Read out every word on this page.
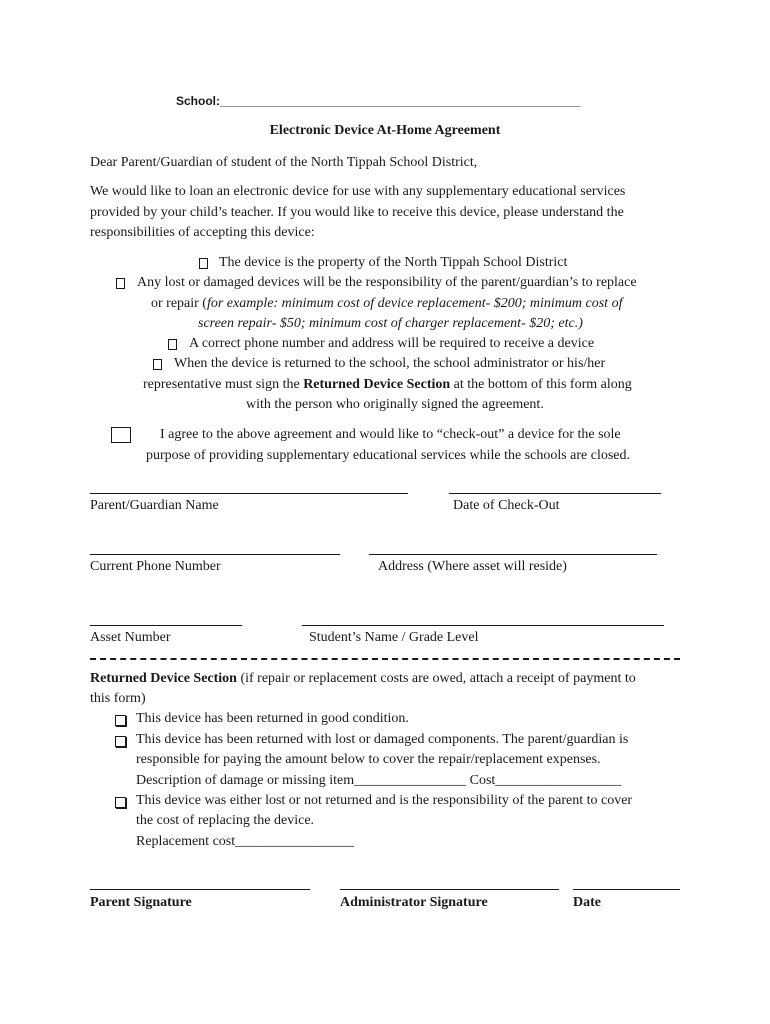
School:______________________________________________________
Electronic Device At-Home Agreement
Dear Parent/Guardian of student of the North Tippah School District,
We would like to loan an electronic device for use with any supplementary educational services
provided by your child’s teacher. If you would like to receive this device, please understand the
responsibilities of accepting this device:
The device is the property of the North Tippah School District
Any lost or damaged devices will be the responsibility of the parent/guardian’s to replace
or repair (for example: minimum cost of device replacement- $200; minimum cost of
screen repair- $50; minimum cost of charger replacement- $20; etc.)
A correct phone number and address will be required to receive a device
When the device is returned to the school, the school administrator or his/her
representative must sign the Returned Device Section at the bottom of this form along
with the person who originally signed the agreement.
I agree to the above agreement and would like to “check-out” a device for the sole
purpose of providing supplementary educational services while the schools are closed.
Parent/Guardian Name	Date of Check-Out
Current Phone Number	Address (Where asset will reside)
Asset Number	Student’s Name / Grade Level
Returned Device Section (if repair or replacement costs are owed, attach a receipt of payment to
this form)
This device has been returned in good condition.
This device has been returned with lost or damaged components. The parent/guardian is
responsible for paying the amount below to cover the repair/replacement expenses.
Description of damage or missing item________________ Cost__________________
This device was either lost or not returned and is the responsibility of the parent to cover
the cost of replacing the device.
Replacement cost_________________
Parent Signature	Administrator Signature	Date
